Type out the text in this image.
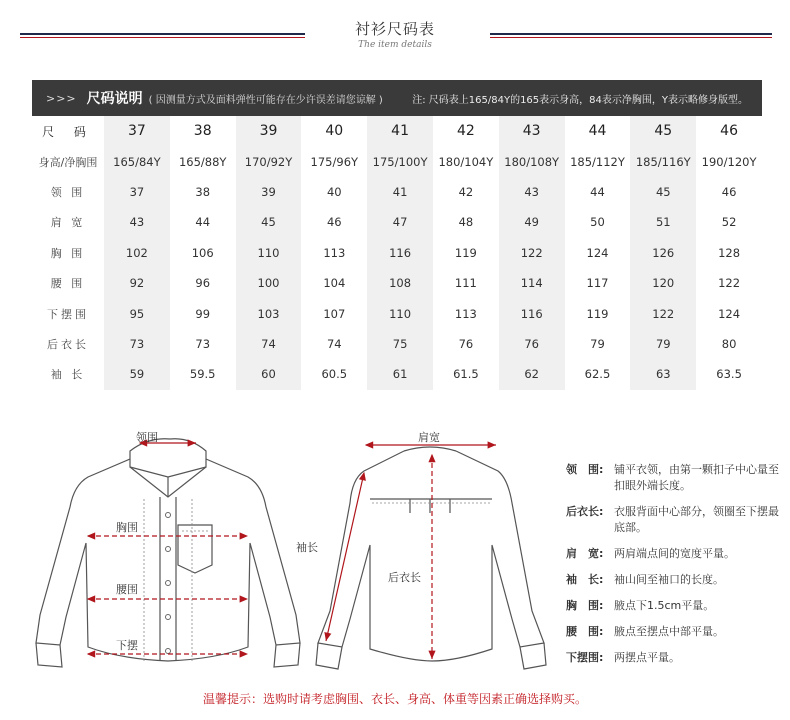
衬衫尺码表
The item details
>>> 尺码说明 ( 因测量方式及面料弹性可能存在少许误差请您谅解 )	注: 尺码表上165/84Y的165表示身高，84表示净胸围，Y表示略修身版型。
尺 码	37	38	39	40	41	42	43	44	45	46
身高/净胸围	165/84Y	165/88Y	170/92Y	175/96Y	175/100Y	180/104Y	180/108Y	185/112Y	185/116Y	190/120Y
领 围	37	38	39	40	41	42	43	44	45	46
肩 宽	43	44	45	46	47	48	49	50	51	52
胸 围	102	106	110	113	116	119	122	124	126	128
腰 围	92	96	100	104	108	111	114	117	120	122
下摆围	95	99	103	107	110	113	116	119	122	124
后衣长	73	73	74	74	75	76	76	79	79	80
袖 长	59	59.5	60	60.5	61	61.5	62	62.5	63	63.5
领围
胸围
腰围
下摆
肩宽
袖长
后衣长
领　围: 铺平衣领，由第一颗扣子中心量至扣眼外端长度。
后衣长: 衣服背面中心部分，领圈至下摆最底部。
肩　宽: 两肩端点间的宽度平量。
袖　长: 袖山间至袖口的长度。
胸　围: 腋点下1.5cm平量。
腰　围: 腋点至摆点中部平量。
下摆围: 两摆点平量。
温馨提示：选购时请考虑胸围、衣长、身高、体重等因素正确选择购买。
